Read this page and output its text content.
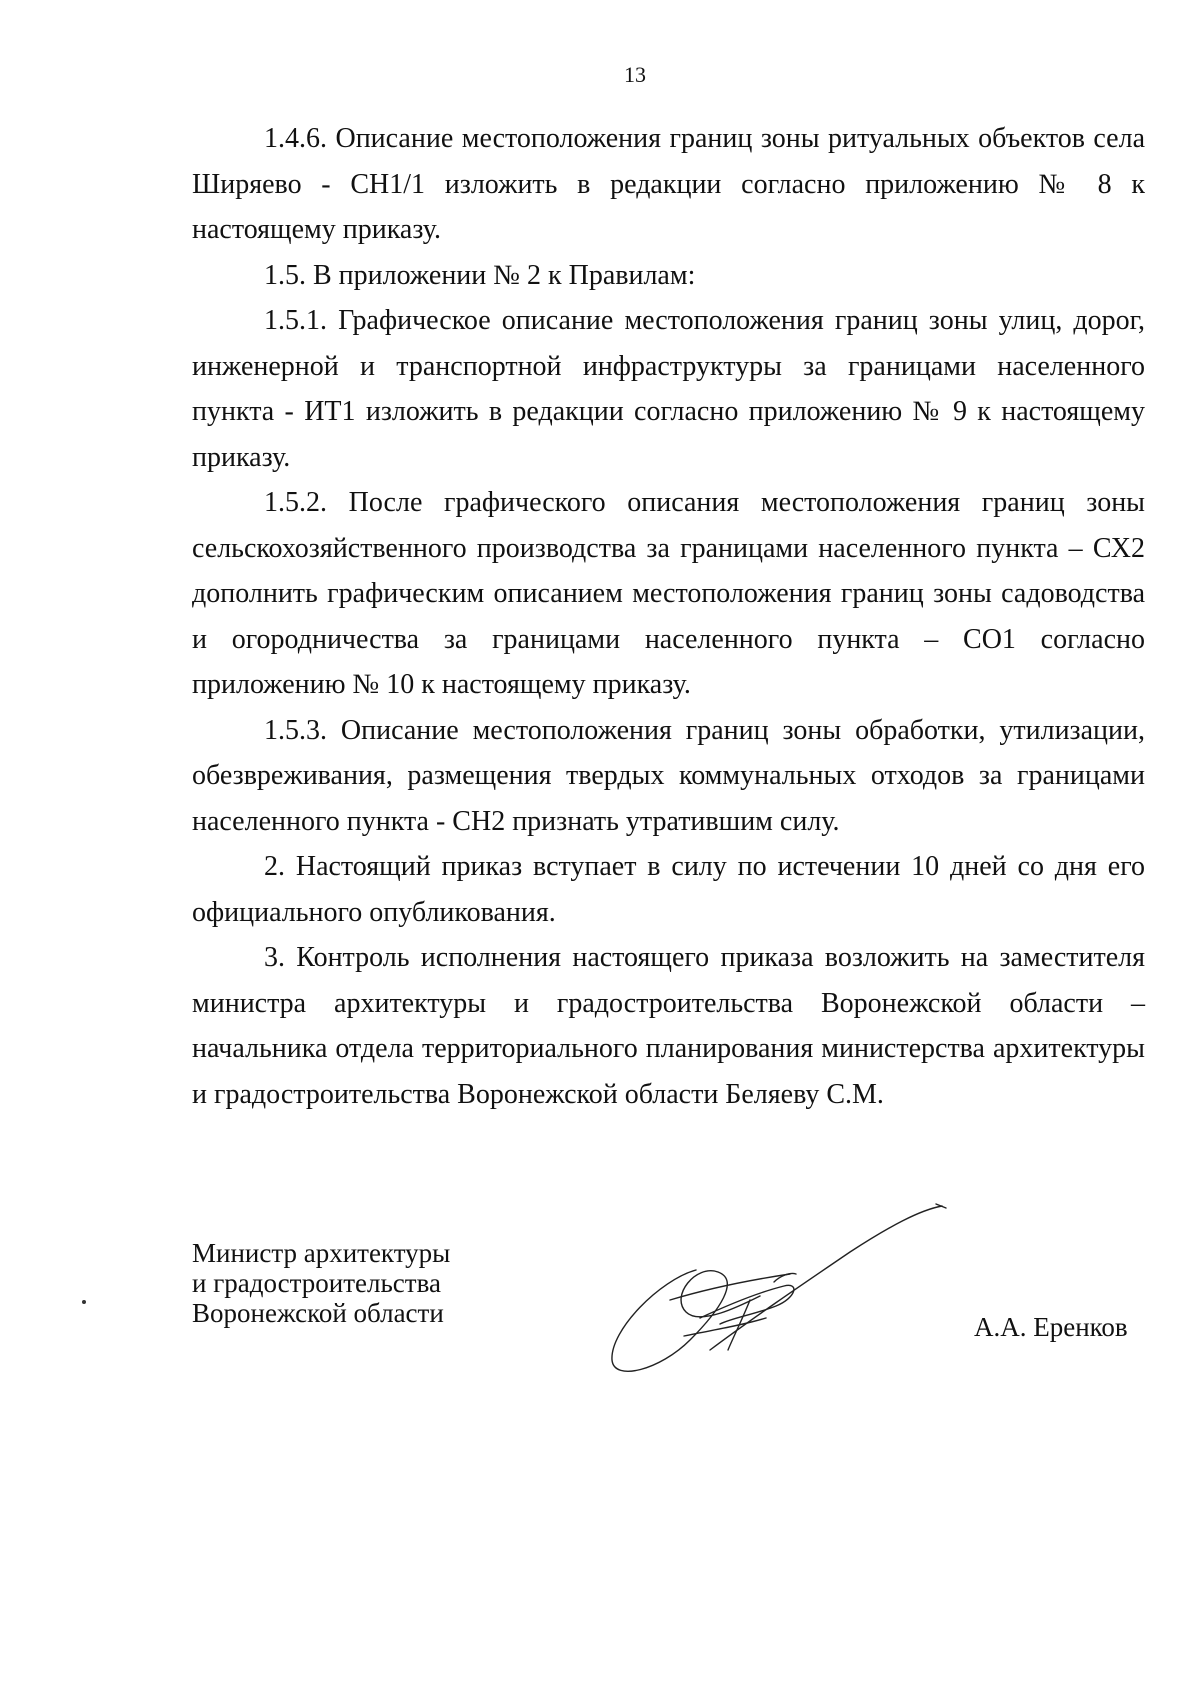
13

1.4.6. Описание местоположения границ зоны ритуальных объектов села Ширяево - СН1/1 изложить в редакции согласно приложению № 8 к настоящему приказу.

1.5. В приложении № 2 к Правилам:

1.5.1. Графическое описание местоположения границ зоны улиц, дорог, инженерной и транспортной инфраструктуры за границами населенного пункта - ИТ1 изложить в редакции согласно приложению № 9 к настоящему приказу.

1.5.2. После графического описания местоположения границ зоны сельскохозяйственного производства за границами населенного пункта – СХ2 дополнить графическим описанием местоположения границ зоны садоводства и огородничества за границами населенного пункта – СО1 согласно приложению № 10 к настоящему приказу.

1.5.3. Описание местоположения границ зоны обработки, утилизации, обезвреживания, размещения твердых коммунальных отходов за границами населенного пункта - СН2 признать утратившим силу.

2. Настоящий приказ вступает в силу по истечении 10 дней со дня его официального опубликования.

3. Контроль исполнения настоящего приказа возложить на заместителя министра архитектуры и градостроительства Воронежской области – начальника отдела территориального планирования министерства архитектуры и градостроительства Воронежской области Беляеву С.М.

Министр архитектуры
и градостроительства
Воронежской области	А.А. Еренков
